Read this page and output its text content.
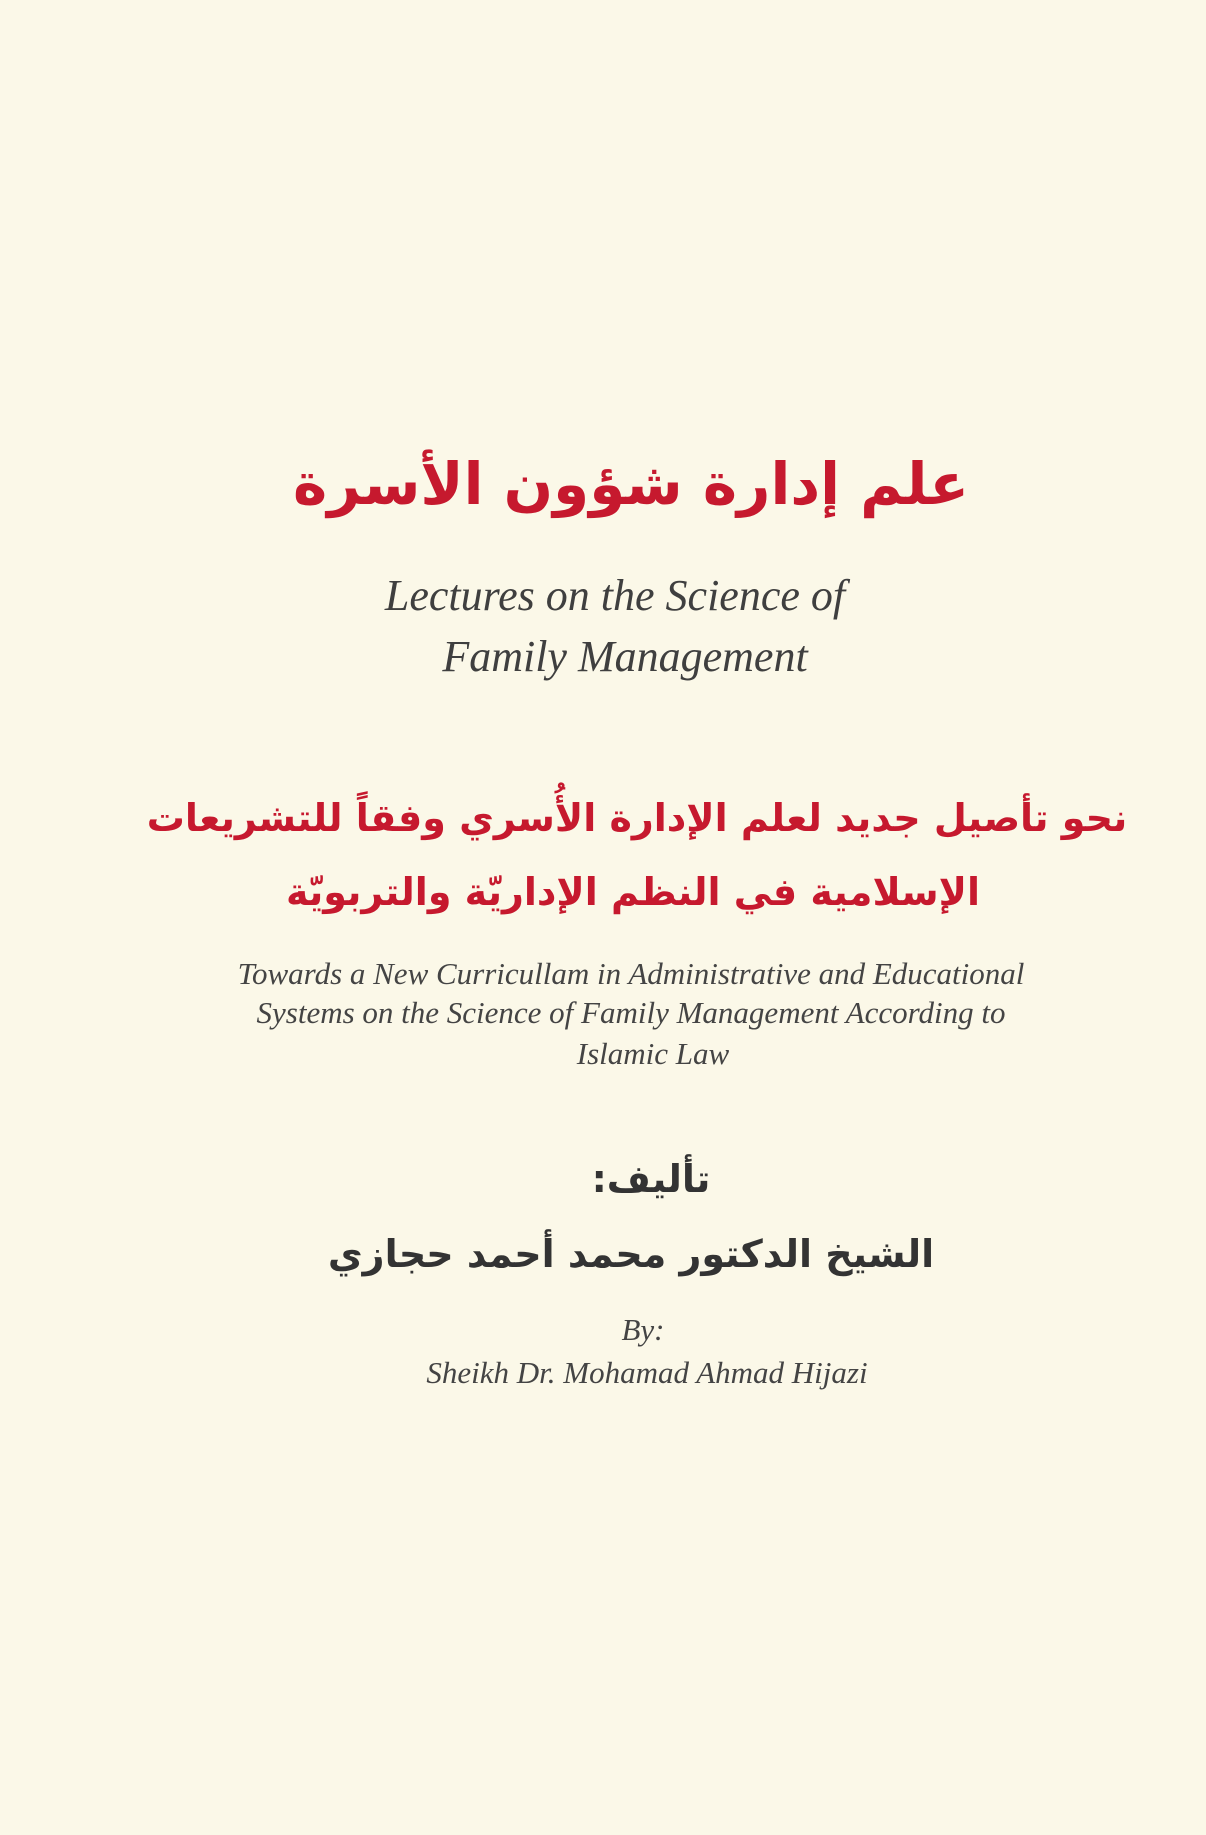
علم إدارة شؤون الأسرة
Lectures on the Science of
Family Management
نحو تأصيل جديد لعلم الإدارة الأُسري وفقاً للتشريعات
الإسلامية في النظم الإداريّة والتربويّة
Towards a New Curricullam in Administrative and Educational
Systems on the Science of Family Management According to
Islamic Law
تأليف:
الشيخ الدكتور محمد أحمد حجازي
By:
Sheikh Dr. Mohamad Ahmad Hijazi
